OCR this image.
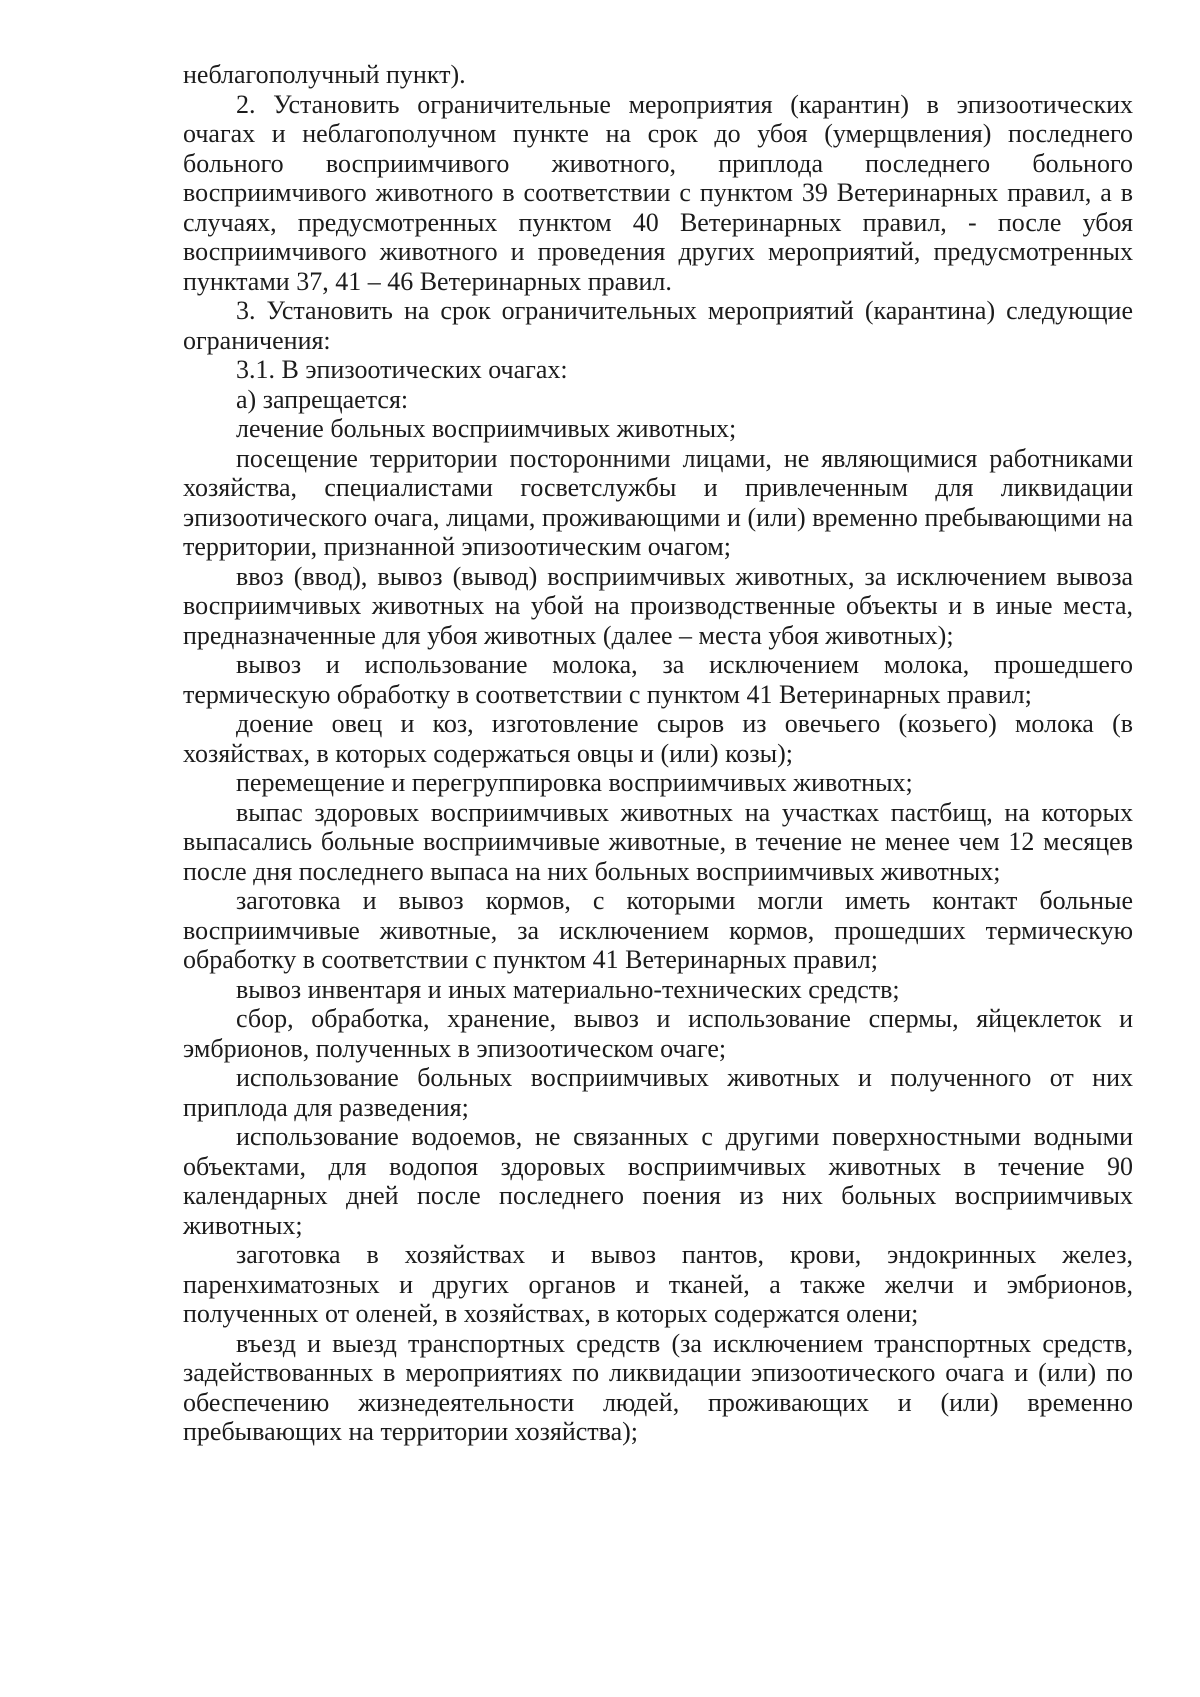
неблагополучный пункт).

2. Установить ограничительные мероприятия (карантин) в эпизоотических очагах и неблагополучном пункте на срок до убоя (умерщвления) последнего больного восприимчивого животного, приплода последнего больного восприимчивого животного в соответствии с пунктом 39 Ветеринарных правил, а в случаях, предусмотренных пунктом 40 Ветеринарных правил, - после убоя восприимчивого животного и проведения других мероприятий, предусмотренных пунктами 37, 41 – 46 Ветеринарных правил.

3. Установить на срок ограничительных мероприятий (карантина) следующие ограничения:

3.1. В эпизоотических очагах:

а) запрещается:

лечение больных восприимчивых животных;

посещение территории посторонними лицами, не являющимися работниками хозяйства, специалистами госветслужбы и привлеченным для ликвидации эпизоотического очага, лицами, проживающими и (или) временно пребывающими на территории, признанной эпизоотическим очагом;

ввоз (ввод), вывоз (вывод) восприимчивых животных, за исключением вывоза восприимчивых животных на убой на производственные объекты и в иные места, предназначенные для убоя животных (далее – места убоя животных);

вывоз и использование молока, за исключением молока, прошедшего термическую обработку в соответствии с пунктом 41 Ветеринарных правил;

доение овец и коз, изготовление сыров из овечьего (козьего) молока (в хозяйствах, в которых содержаться овцы и (или) козы);

перемещение и перегруппировка восприимчивых животных;

выпас здоровых восприимчивых животных на участках пастбищ, на которых выпасались больные восприимчивые животные, в течение не менее чем 12 месяцев после дня последнего выпаса на них больных восприимчивых животных;

заготовка и вывоз кормов, с которыми могли иметь контакт больные восприимчивые животные, за исключением кормов, прошедших термическую обработку в соответствии с пунктом 41 Ветеринарных правил;

вывоз инвентаря и иных материально-технических средств;

сбор, обработка, хранение, вывоз и использование спермы, яйцеклеток и эмбрионов, полученных в эпизоотическом очаге;

использование больных восприимчивых животных и полученного от них приплода для разведения;

использование водоемов, не связанных с другими поверхностными водными объектами, для водопоя здоровых восприимчивых животных в течение 90 календарных дней после последнего поения из них больных восприимчивых животных;

заготовка в хозяйствах и вывоз пантов, крови, эндокринных желез, паренхиматозных и других органов и тканей, а также желчи и эмбрионов, полученных от оленей, в хозяйствах, в которых содержатся олени;

въезд и выезд транспортных средств (за исключением транспортных средств, задействованных в мероприятиях по ликвидации эпизоотического очага и (или) по обеспечению жизнедеятельности людей, проживающих и (или) временно пребывающих на территории хозяйства);
